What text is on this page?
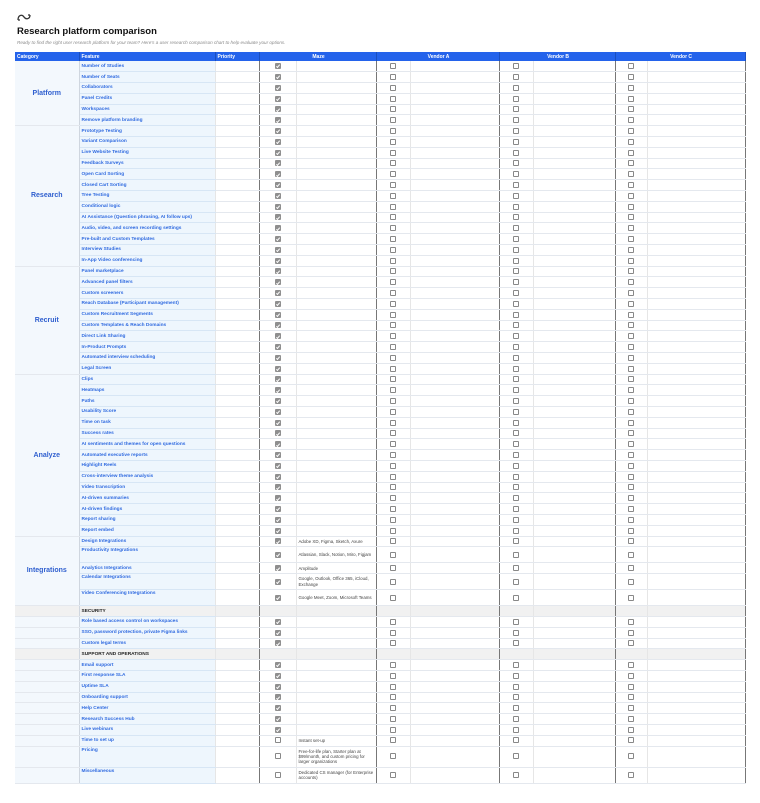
Research platform comparison
Ready to find the right user research platform for your team? Here's a user research comparison chart to help evaluate your options.
Category	Feature	Priority	Maze		Vendor A		Vendor B		Vendor C	
Platform	Number of Studies									
	Number of Seats									
	Collaborators									
	Panel Credits									
	Workspaces									
	Remove platform branding									
Research	Prototype Testing									
	Variant Comparison									
	Live Website Testing									
	Feedback Surveys									
	Open Card Sorting									
	Closed Cart Sorting									
	Tree Testing									
	Conditional logic									
	AI Assistance (Question phrasing, AI follow ups)									
	Audio, video, and screen recording settings									
	Pre-built and Custom Templates									
	Interview Studies									
	In-App Video conferencing									
Recruit	Panel marketplace									
	Advanced panel filters									
	Custom screeners									
	Reach Database (Participant management)									
	Custom Recruitment Segments									
	Custom Templates & Reach Domains									
	Direct Link Sharing									
	In-Product Prompts									
	Automated interview scheduling									
	Legal Screen									
Analyze	Clips									
	Heatmaps									
	Paths									
	Usability Score									
	Time on task									
	Success rates									
	AI sentiments and themes for open questions									
	Automated executive reports									
	Highlight Reels									
	Cross-interview theme analysis									
	Video transcription									
	AI-driven summaries									
	AI-driven findings									
	Report sharing									
	Report embed									
Integrations	Design Integrations			Adobe XD, Figma, Sketch, Axure						
	Productivity Integrations			Atlassian, Slack, Notion, Miro, Figjam						
	Analytics Integrations			Amplitude						
	Calendar Integrations			Google, Outlook, Office 365, iCloud, Exchange						
	Video Conferencing Integrations			Google Meet, Zoom, Microsoft Teams						
	SECURITY									
	Role based access control on workspaces									
	SSO, password protection, private Figma links									
	Custom legal terms									
	SUPPORT AND OPERATIONS									
	Email support									
	First response SLA									
	Uptime SLA									
	Onboarding support									
	Help Center									
	Research Success Hub									
	Live webinars									
	Time to set up			Instant set-up						
	Pricing			Free-for-life plan, Starter plan at $99/month, and custom pricing for larger organizations						
	Miscellaneous			Dedicated CS manager (for Enterprise accounts)						
